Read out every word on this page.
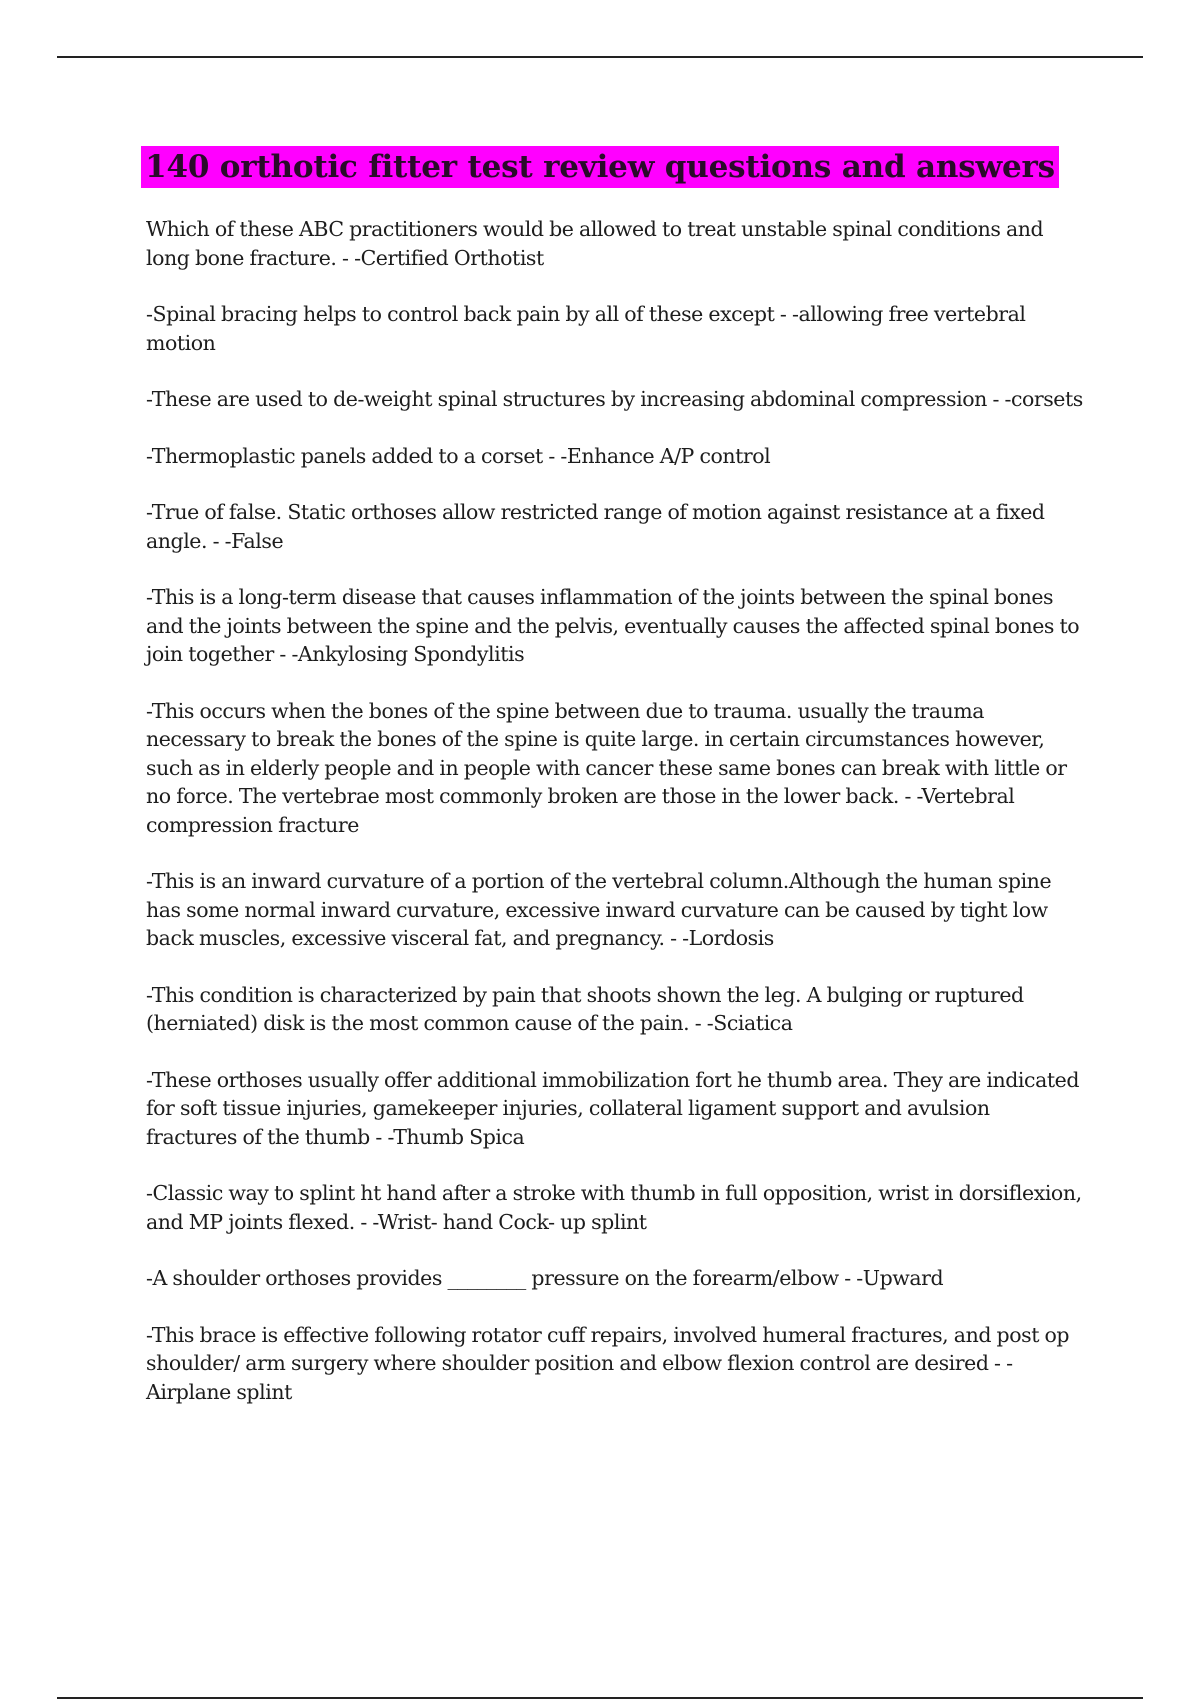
140 orthotic fitter test review questions and answers

Which of these ABC practitioners would be allowed to treat unstable spinal conditions and long bone fracture. - -Certified Orthotist

-Spinal bracing helps to control back pain by all of these except - -allowing free vertebral motion

-These are used to de-weight spinal structures by increasing abdominal compression - -corsets

-Thermoplastic panels added to a corset - -Enhance A/P control

-True of false. Static orthoses allow restricted range of motion against resistance at a fixed angle. - -False

-This is a long-term disease that causes inflammation of the joints between the spinal bones and the joints between the spine and the pelvis, eventually causes the affected spinal bones to join together - -Ankylosing Spondylitis

-This occurs when the bones of the spine between due to trauma. usually the trauma necessary to break the bones of the spine is quite large. in certain circumstances however, such as in elderly people and in people with cancer these same bones can break with little or no force. The vertebrae most commonly broken are those in the lower back. - -Vertebral compression fracture

-This is an inward curvature of a portion of the vertebral column.Although the human spine has some normal inward curvature, excessive inward curvature can be caused by tight low back muscles, excessive visceral fat, and pregnancy. - -Lordosis

-This condition is characterized by pain that shoots shown the leg. A bulging or ruptured (herniated) disk is the most common cause of the pain. - -Sciatica

-These orthoses usually offer additional immobilization fort he thumb area. They are indicated for soft tissue injuries, gamekeeper injuries, collateral ligament support and avulsion fractures of the thumb - -Thumb Spica

-Classic way to splint ht hand after a stroke with thumb in full opposition, wrist in dorsiflexion, and MP joints flexed. - -Wrist- hand Cock- up splint

-A shoulder orthoses provides ________ pressure on the forearm/elbow - -Upward

-This brace is effective following rotator cuff repairs, involved humeral fractures, and post op shoulder/ arm surgery where shoulder position and elbow flexion control are desired - -Airplane splint
